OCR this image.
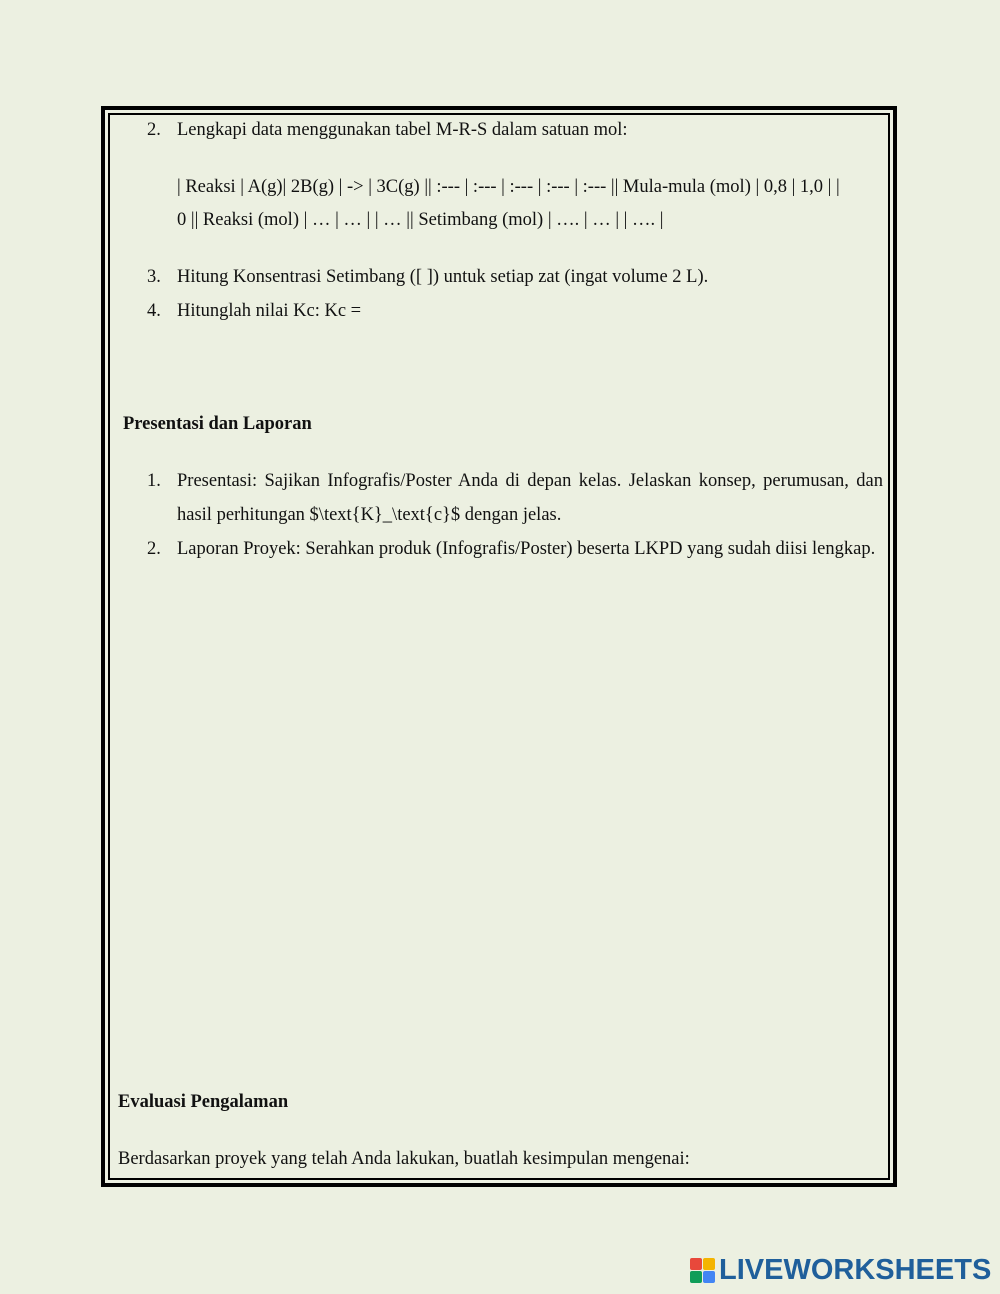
2. Lengkapi data menggunakan tabel M-R-S dalam satuan mol:
| Reaksi | A(g)| 2B(g) | -> | 3C(g) || :--- | :--- | :--- | :--- | :--- || Mula-mula (mol) | 0,8 | 1,0 | |
0 || Reaksi (mol) | … | … | | … || Setimbang (mol) | …. | … | | …. |
3. Hitung Konsentrasi Setimbang ([ ]) untuk setiap zat (ingat volume 2 L).
4. Hitunglah nilai Kc: Kc =
Presentasi dan Laporan
1. Presentasi: Sajikan Infografis/Poster Anda di depan kelas. Jelaskan konsep, perumusan, dan hasil perhitungan $\text{K}_\text{c}$ dengan jelas.
2. Laporan Proyek: Serahkan produk (Infografis/Poster) beserta LKPD yang sudah diisi lengkap.
Evaluasi Pengalaman
Berdasarkan proyek yang telah Anda lakukan, buatlah kesimpulan mengenai:
LIVEWORKSHEETS
